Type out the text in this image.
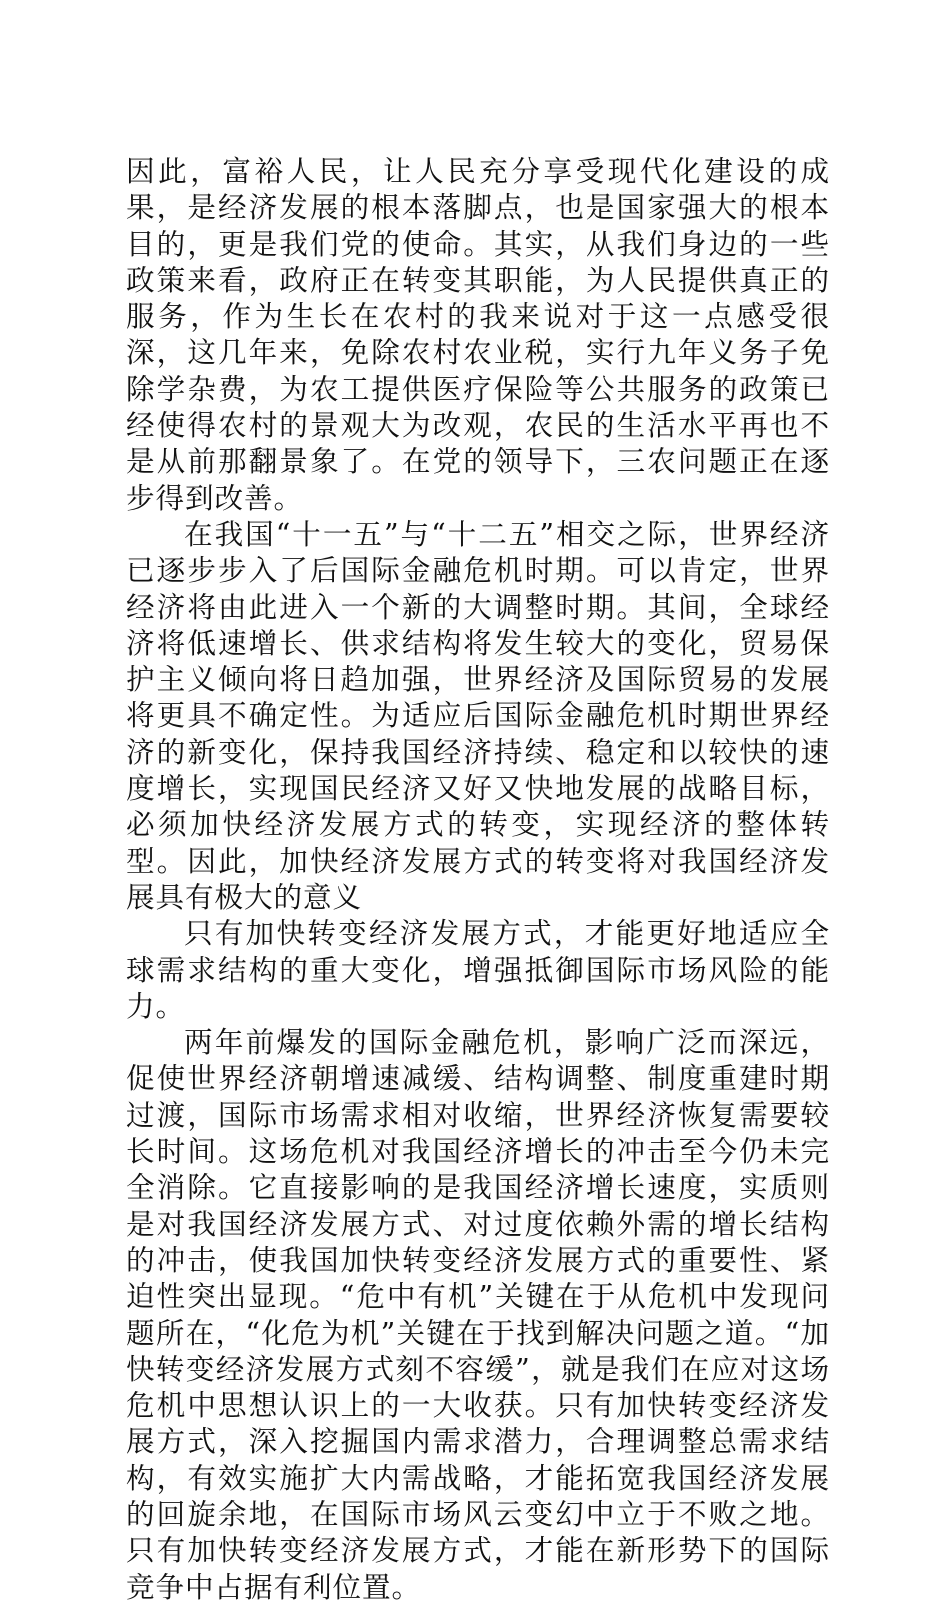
因此，富裕人民，让人民充分享受现代化建设的成果，是经济发展的根本落脚点，也是国家强大的根本目的，更是我们党的使命。其实，从我们身边的一些政策来看，政府正在转变其职能，为人民提供真正的服务，作为生长在农村的我来说对于这一点感受很深，这几年来，免除农村农业税，实行九年义务子免除学杂费，为农工提供医疗保险等公共服务的政策已经使得农村的景观大为改观，农民的生活水平再也不是从前那翻景象了。在党的领导下，三农问题正在逐步得到改善。

在我国“十一五”与“十二五”相交之际，世界经济已逐步步入了后国际金融危机时期。可以肯定，世界经济将由此进入一个新的大调整时期。其间，全球经济将低速增长、供求结构将发生较大的变化，贸易保护主义倾向将日趋加强，世界经济及国际贸易的发展将更具不确定性。为适应后国际金融危机时期世界经济的新变化，保持我国经济持续、稳定和以较快的速度增长，实现国民经济又好又快地发展的战略目标，必须加快经济发展方式的转变，实现经济的整体转型。因此，加快经济发展方式的转变将对我国经济发展具有极大的意义

只有加快转变经济发展方式，才能更好地适应全球需求结构的重大变化，增强抵御国际市场风险的能力。

两年前爆发的国际金融危机，影响广泛而深远，促使世界经济朝增速减缓、结构调整、制度重建时期过渡，国际市场需求相对收缩，世界经济恢复需要较长时间。这场危机对我国经济增长的冲击至今仍未完全消除。它直接影响的是我国经济增长速度，实质则是对我国经济发展方式、对过度依赖外需的增长结构的冲击，使我国加快转变经济发展方式的重要性、紧迫性突出显现。“危中有机”关键在于从危机中发现问题所在，“化危为机”关键在于找到解决问题之道。“加快转变经济发展方式刻不容缓”，就是我们在应对这场危机中思想认识上的一大收获。只有加快转变经济发展方式，深入挖掘国内需求潜力，合理调整总需求结构，有效实施扩大内需战略，才能拓宽我国经济发展的回旋余地，在国际市场风云变幻中立于不败之地。只有加快转变经济发展方式，才能在新形势下的国际竞争中占据有利位置。
